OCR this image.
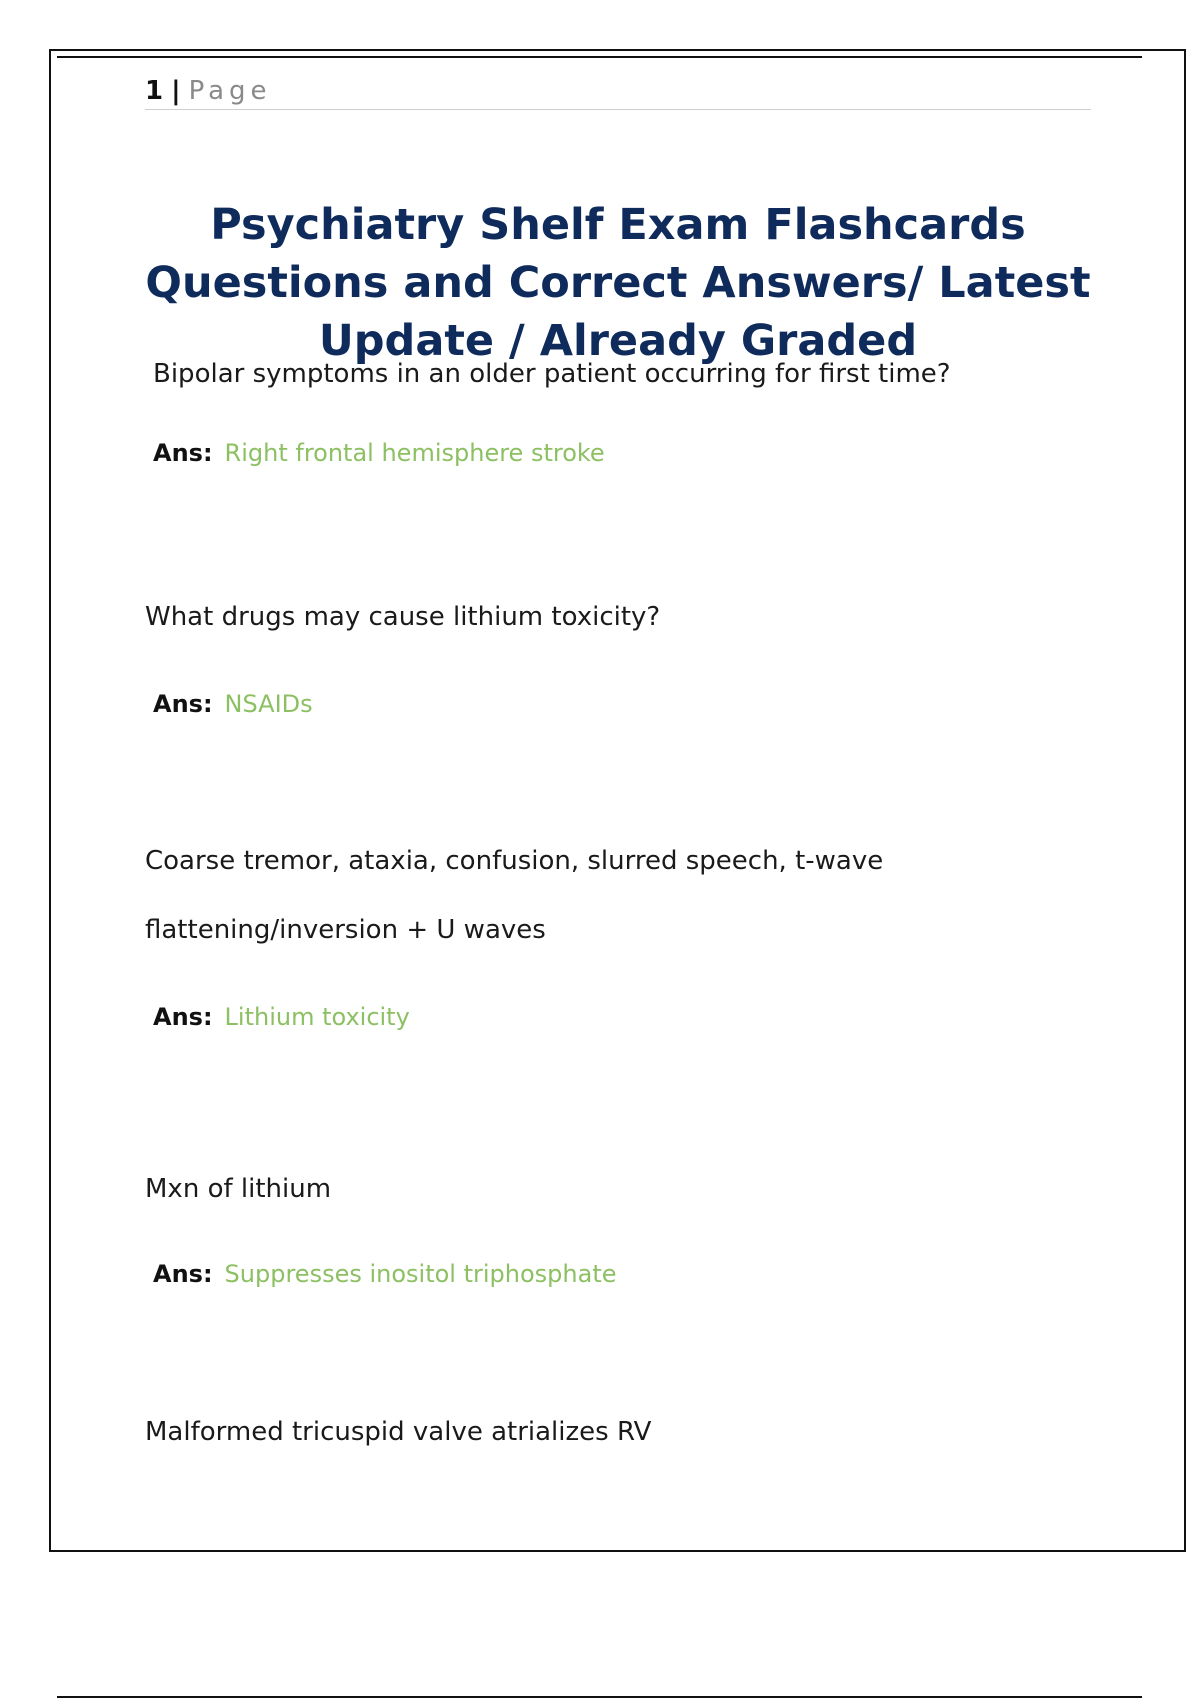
1 | Page
Psychiatry Shelf Exam Flashcards Questions and Correct Answers/ Latest Update / Already Graded
Bipolar symptoms in an older patient occurring for first time?
Ans: Right frontal hemisphere stroke
What drugs may cause lithium toxicity?
Ans: NSAIDs
Coarse tremor, ataxia, confusion, slurred speech, t-wave
flattening/inversion + U waves
Ans: Lithium toxicity
Mxn of lithium
Ans: Suppresses inositol triphosphate
Malformed tricuspid valve atrializes RV
